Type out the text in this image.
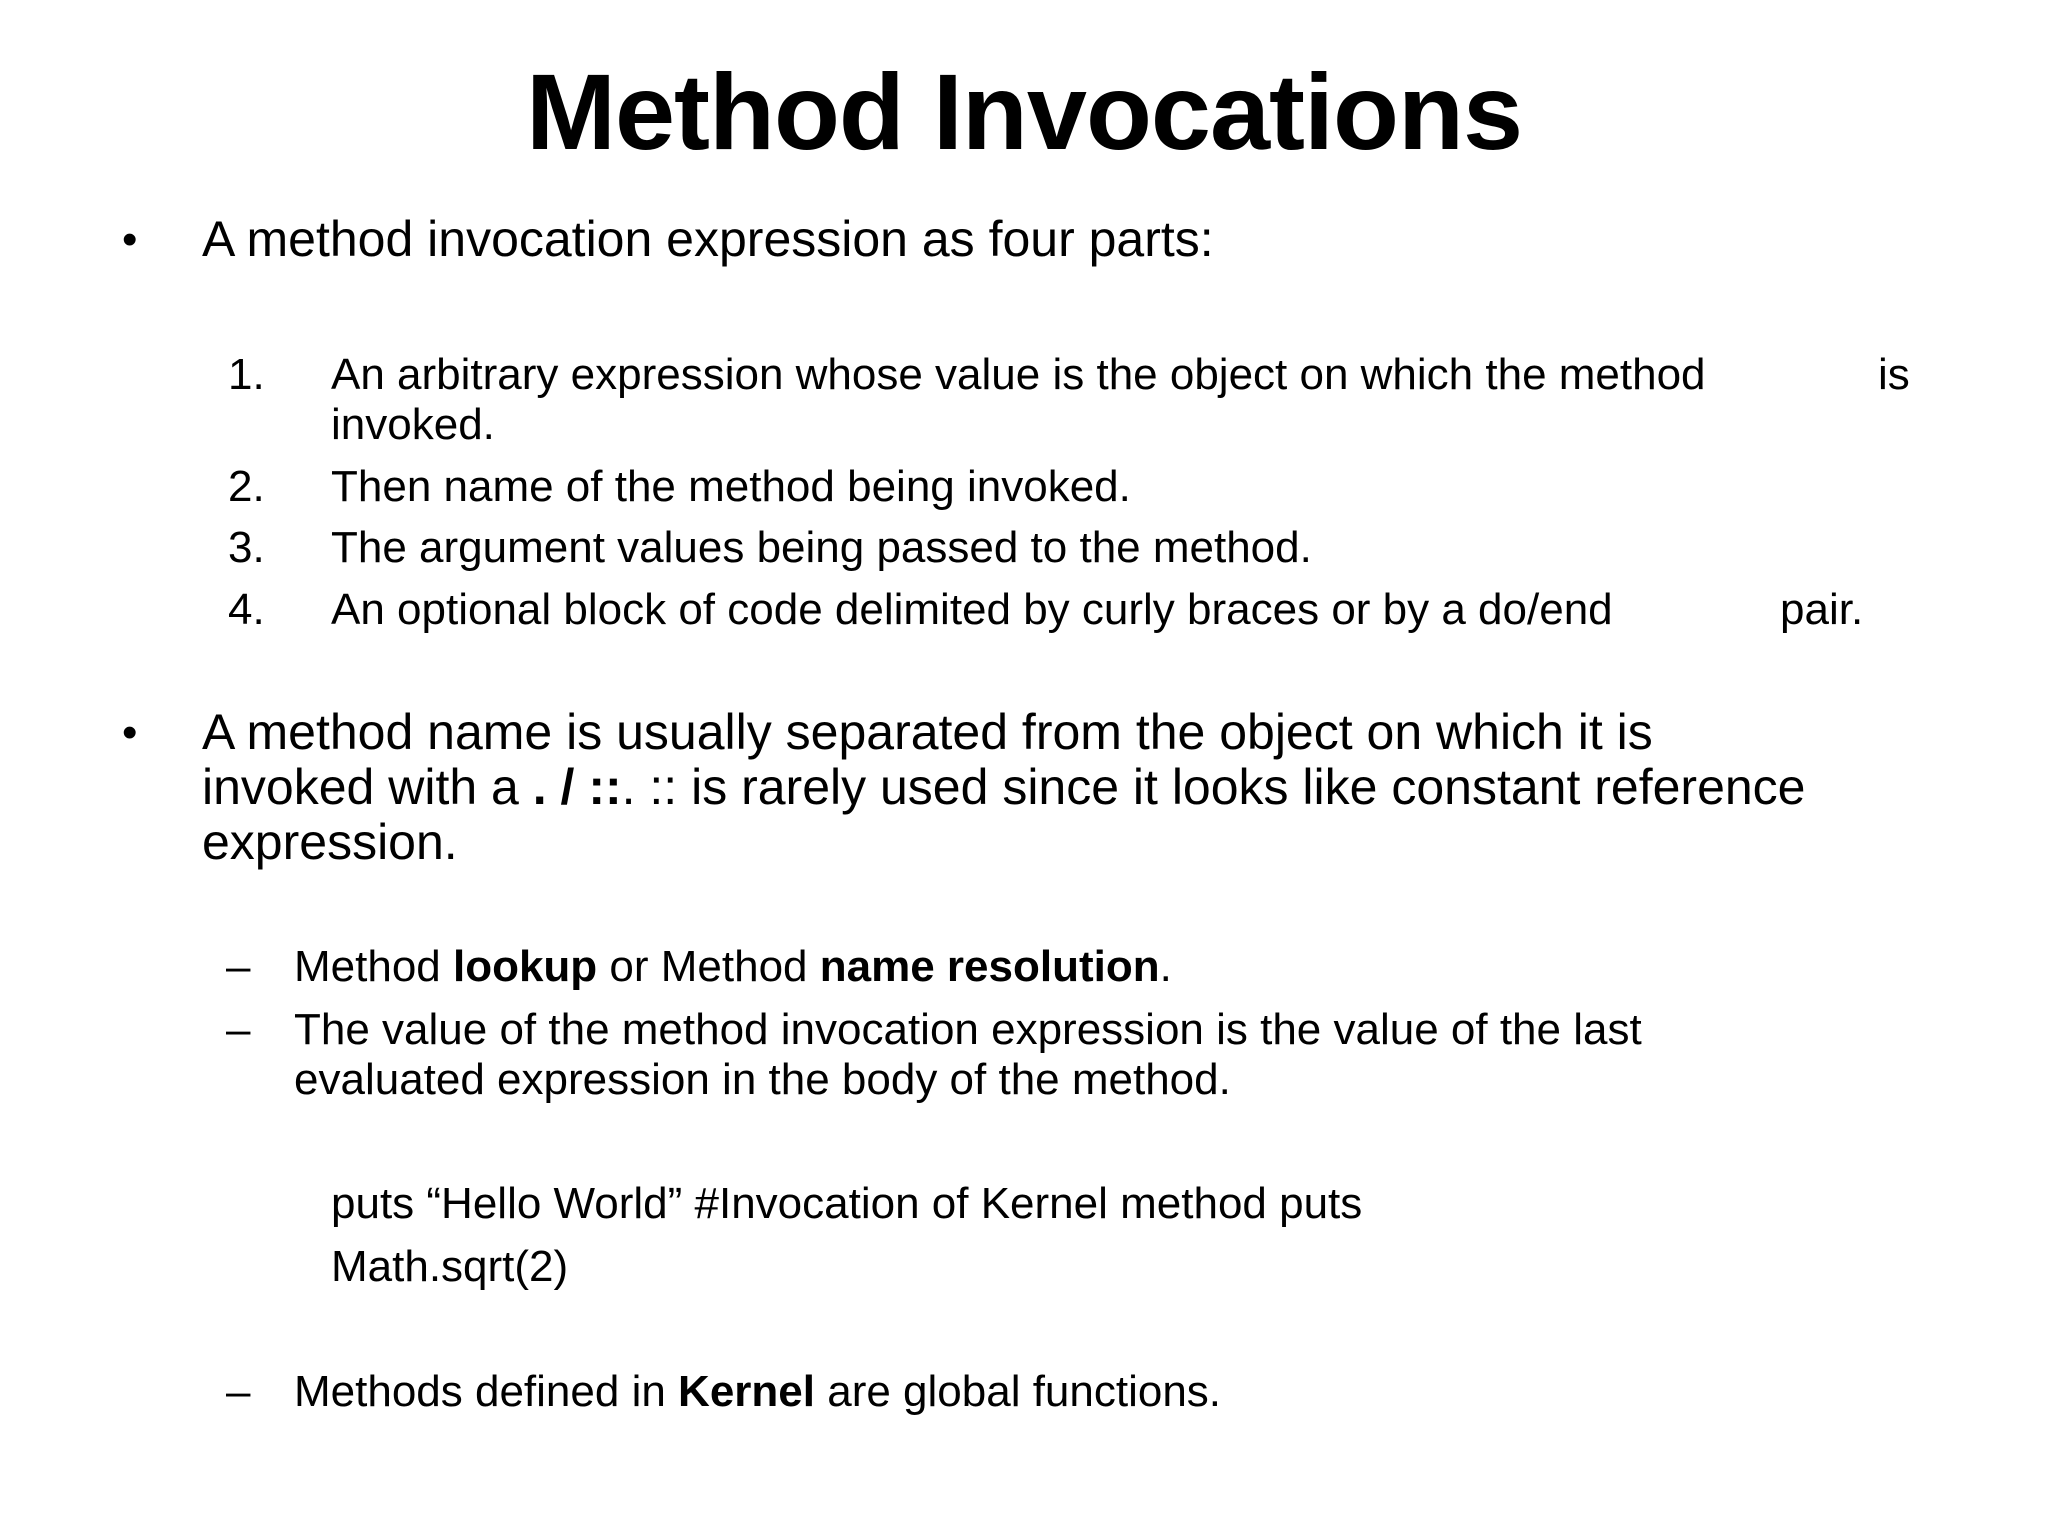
Method Invocations
• A method invocation expression as four parts:
1. An arbitrary expression whose value is the object on which the method	is
invoked.
2. Then name of the method being invoked.
3. The argument values being passed to the method.
4. An optional block of code delimited by curly braces or by a do/end	pair.
• A method name is usually separated from the object on which it is
invoked with a . / ::. :: is rarely used since it looks like constant reference
expression.
– Method lookup or Method name resolution.
– The value of the method invocation expression is the value of the last
evaluated expression in the body of the method.
puts “Hello World” #Invocation of Kernel method puts
Math.sqrt(2)
– Methods defined in Kernel are global functions.
